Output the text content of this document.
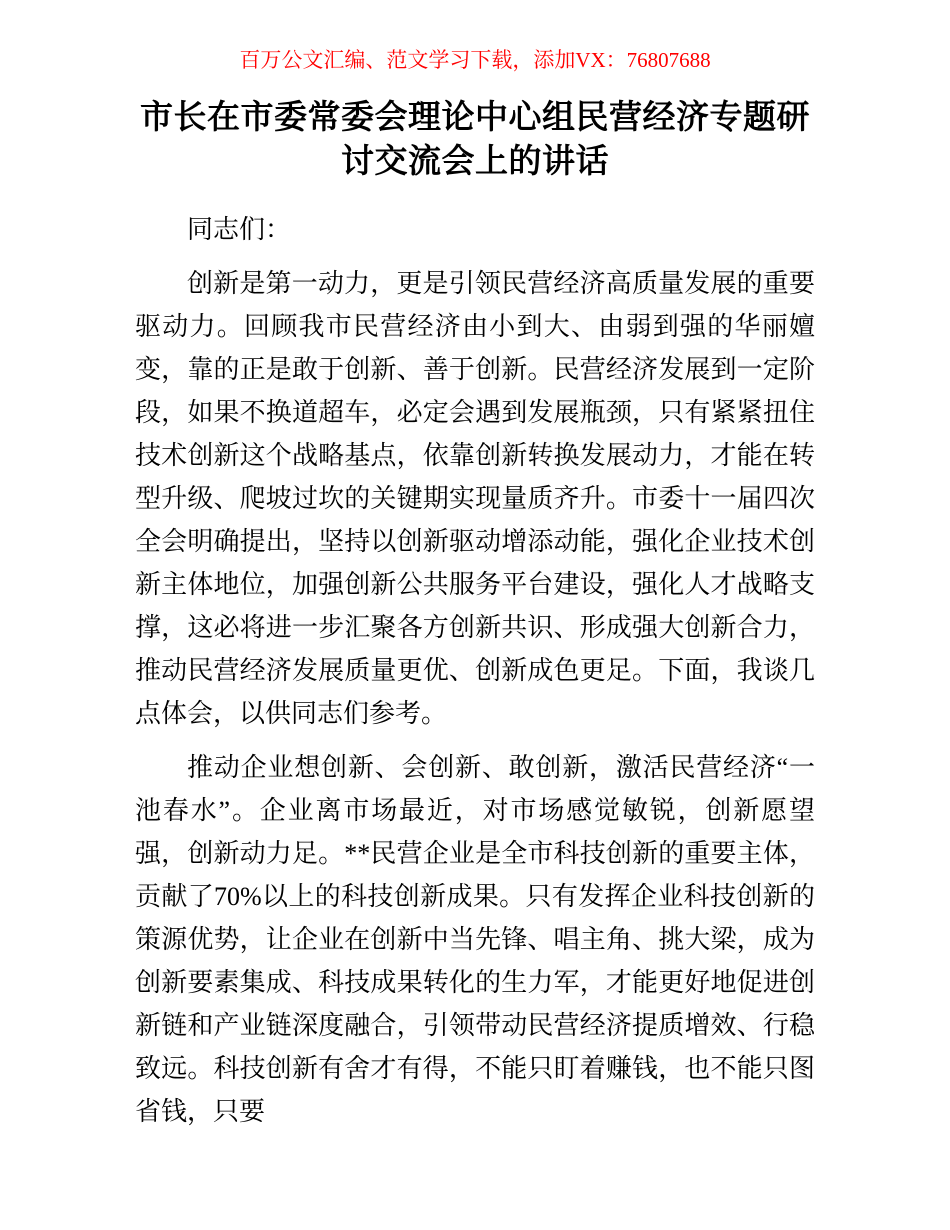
百万公文汇编、范文学习下载，添加VX：76807688
市长在市委常委会理论中心组民营经济专题研讨交流会上的讲话

同志们：

创新是第一动力，更是引领民营经济高质量发展的重要驱动力。回顾我市民营经济由小到大、由弱到强的华丽嬗变，靠的正是敢于创新、善于创新。民营经济发展到一定阶段，如果不换道超车，必定会遇到发展瓶颈，只有紧紧扭住技术创新这个战略基点，依靠创新转换发展动力，才能在转型升级、爬坡过坎的关键期实现量质齐升。市委十一届四次全会明确提出，坚持以创新驱动增添动能，强化企业技术创新主体地位，加强创新公共服务平台建设，强化人才战略支撑，这必将进一步汇聚各方创新共识、形成强大创新合力，推动民营经济发展质量更优、创新成色更足。下面，我谈几点体会，以供同志们参考。

推动企业想创新、会创新、敢创新，激活民营经济“一池春水”。企业离市场最近，对市场感觉敏锐，创新愿望强，创新动力足。**民营企业是全市科技创新的重要主体，贡献了70%以上的科技创新成果。只有发挥企业科技创新的策源优势，让企业在创新中当先锋、唱主角、挑大梁，成为创新要素集成、科技成果转化的生力军，才能更好地促进创新链和产业链深度融合，引领带动民营经济提质增效、行稳致远。科技创新有舍才有得，不能只盯着赚钱，也不能只图省钱，只要
